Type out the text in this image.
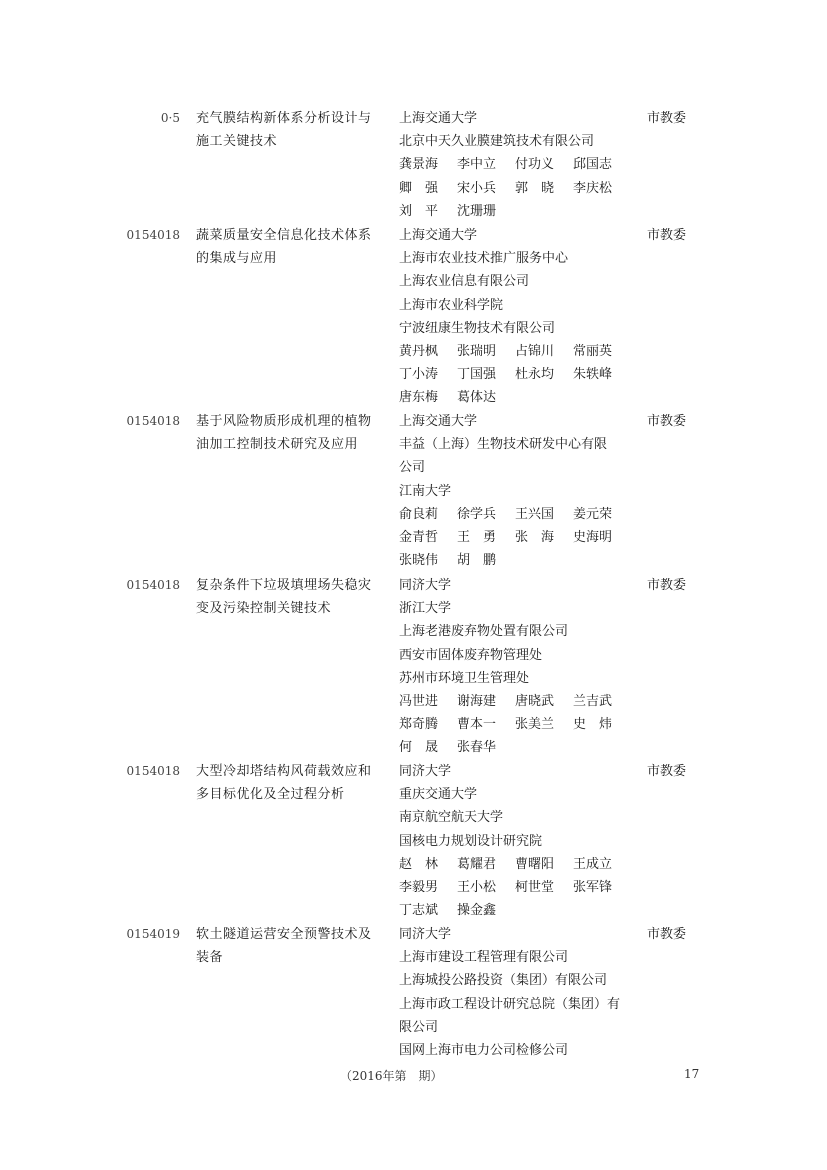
0·5 充气膜结构新体系分析设计与
施工关键技术
上海交通大学
北京中天久业膜建筑技术有限公司
龚景海 李中立 付功义 邱国志
卿　强 宋小兵 郭　晓 李庆松
刘　平 沈珊珊
市教委
0154018 蔬菜质量安全信息化技术体系
的集成与应用
上海交通大学
上海市农业技术推广服务中心
上海农业信息有限公司
上海市农业科学院
宁波纽康生物技术有限公司
黄丹枫 张瑞明 占锦川 常丽英
丁小涛 丁国强 杜永均 朱轶峰
唐东梅 葛体达
市教委
0154018 基于风险物质形成机理的植物
油加工控制技术研究及应用
上海交通大学
丰益（上海）生物技术研发中心有限
公司
江南大学
俞良莉 徐学兵 王兴国 姜元荣
金青哲 王　勇 张　海 史海明
张晓伟 胡　鹏
市教委
0154018 复杂条件下垃圾填埋场失稳灾
变及污染控制关键技术
同济大学
浙江大学
上海老港废弃物处置有限公司
西安市固体废弃物管理处
苏州市环境卫生管理处
冯世进 谢海建 唐晓武 兰吉武
郑奇腾 曹本一 张美兰 史　炜
何　晟 张春华
市教委
0154018 大型冷却塔结构风荷载效应和
多目标优化及全过程分析
同济大学
重庆交通大学
南京航空航天大学
国核电力规划设计研究院
赵　林 葛耀君 曹曙阳 王成立
李毅男 王小松 柯世堂 张军锋
丁志斌 操金鑫
市教委
0154019 软土隧道运营安全预警技术及
装备
同济大学
上海市建设工程管理有限公司
上海城投公路投资（集团）有限公司
上海市政工程设计研究总院（集团）有
限公司
国网上海市电力公司检修公司
市教委
（2016年第　期）	17
